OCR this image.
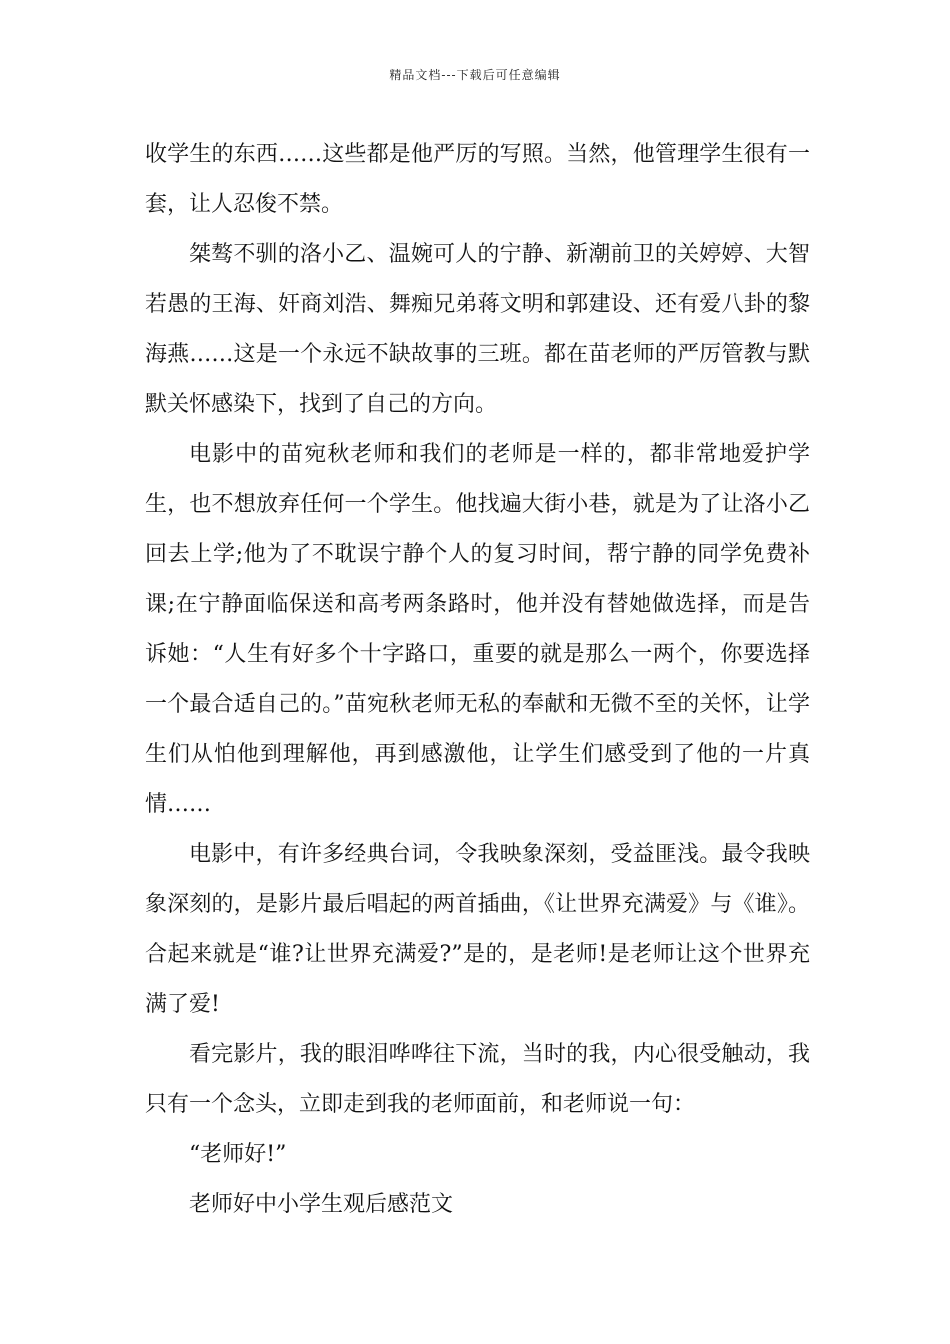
精品文档---下载后可任意编辑

收学生的东西……这些都是他严厉的写照。当然，他管理学生很有一套，让人忍俊不禁。

桀骜不驯的洛小乙、温婉可人的宁静、新潮前卫的关婷婷、大智若愚的王海、奸商刘浩、舞痴兄弟蒋文明和郭建设、还有爱八卦的黎海燕……这是一个永远不缺故事的三班。都在苗老师的严厉管教与默默关怀感染下，找到了自己的方向。

电影中的苗宛秋老师和我们的老师是一样的，都非常地爱护学生，也不想放弃任何一个学生。他找遍大街小巷，就是为了让洛小乙回去上学;他为了不耽误宁静个人的复习时间，帮宁静的同学免费补课;在宁静面临保送和高考两条路时，他并没有替她做选择，而是告诉她：“人生有好多个十字路口，重要的就是那么一两个，你要选择一个最合适自己的。”苗宛秋老师无私的奉献和无微不至的关怀，让学生们从怕他到理解他，再到感激他，让学生们感受到了他的一片真情……

电影中，有许多经典台词，令我映象深刻，受益匪浅。最令我映象深刻的，是影片最后唱起的两首插曲，《让世界充满爱》与《谁》。合起来就是“谁?让世界充满爱?”是的，是老师!是老师让这个世界充满了爱!

看完影片，我的眼泪哗哗往下流，当时的我，内心很受触动，我只有一个念头，立即走到我的老师面前，和老师说一句：

“老师好!”

老师好中小学生观后感范文
